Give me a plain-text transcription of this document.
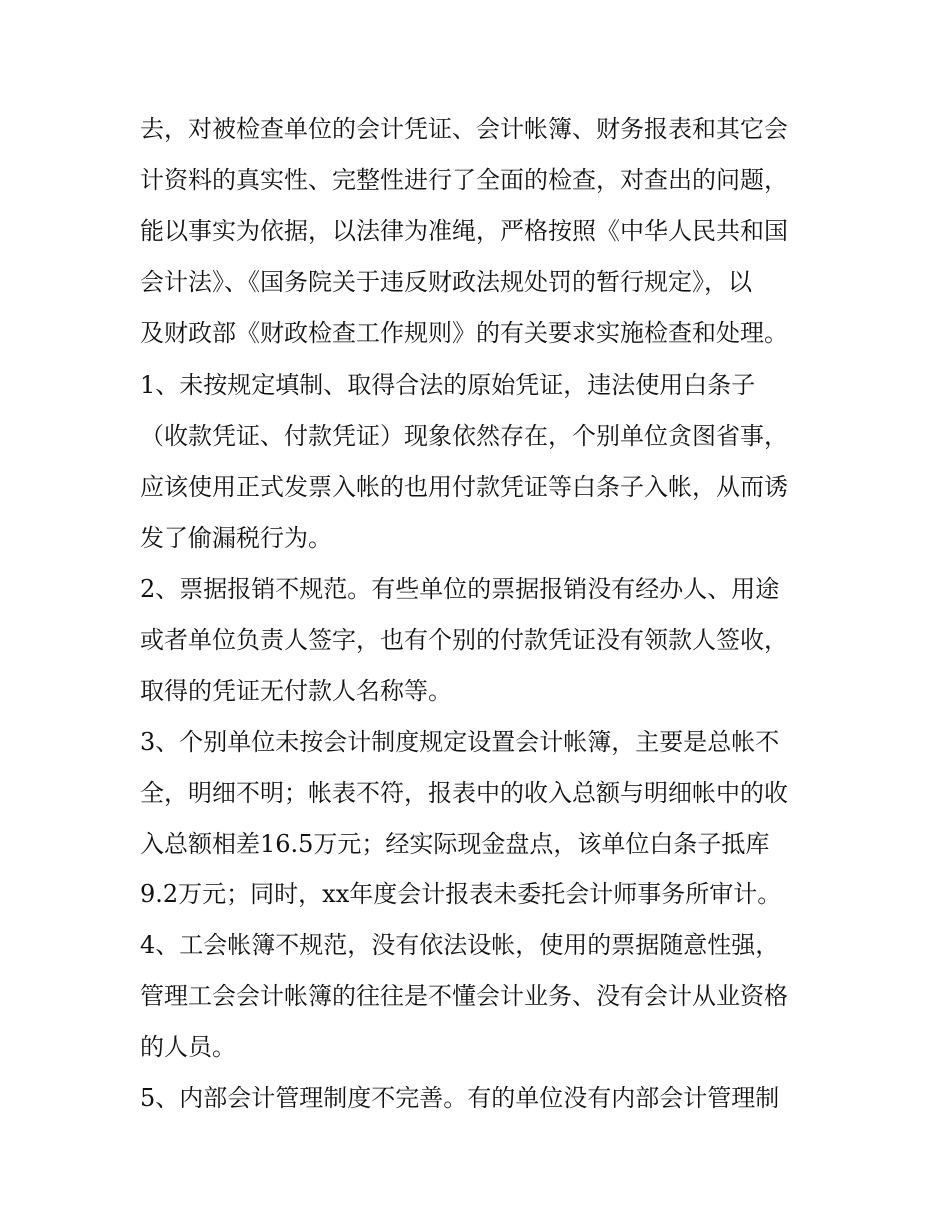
去，对被检查单位的会计凭证、会计帐簿、财务报表和其它会
计资料的真实性、完整性进行了全面的检查，对查出的问题，
能以事实为依据，以法律为准绳，严格按照《中华人民共和国
会计法》、《国务院关于违反财政法规处罚的暂行规定》，以
及财政部《财政检查工作规则》的有关要求实施检查和处理。
1、未按规定填制、取得合法的原始凭证，违法使用白条子
（收款凭证、付款凭证）现象依然存在，个别单位贪图省事，
应该使用正式发票入帐的也用付款凭证等白条子入帐，从而诱
发了偷漏税行为。
2、票据报销不规范。有些单位的票据报销没有经办人、用途
或者单位负责人签字，也有个别的付款凭证没有领款人签收，
取得的凭证无付款人名称等。
3、个别单位未按会计制度规定设置会计帐簿，主要是总帐不
全，明细不明；帐表不符，报表中的收入总额与明细帐中的收
入总额相差16.5万元；经实际现金盘点，该单位白条子抵库
9.2万元；同时，xx年度会计报表未委托会计师事务所审计。
4、工会帐簿不规范，没有依法设帐，使用的票据随意性强，
管理工会会计帐簿的往往是不懂会计业务、没有会计从业资格
的人员。
5、内部会计管理制度不完善。有的单位没有内部会计管理制
